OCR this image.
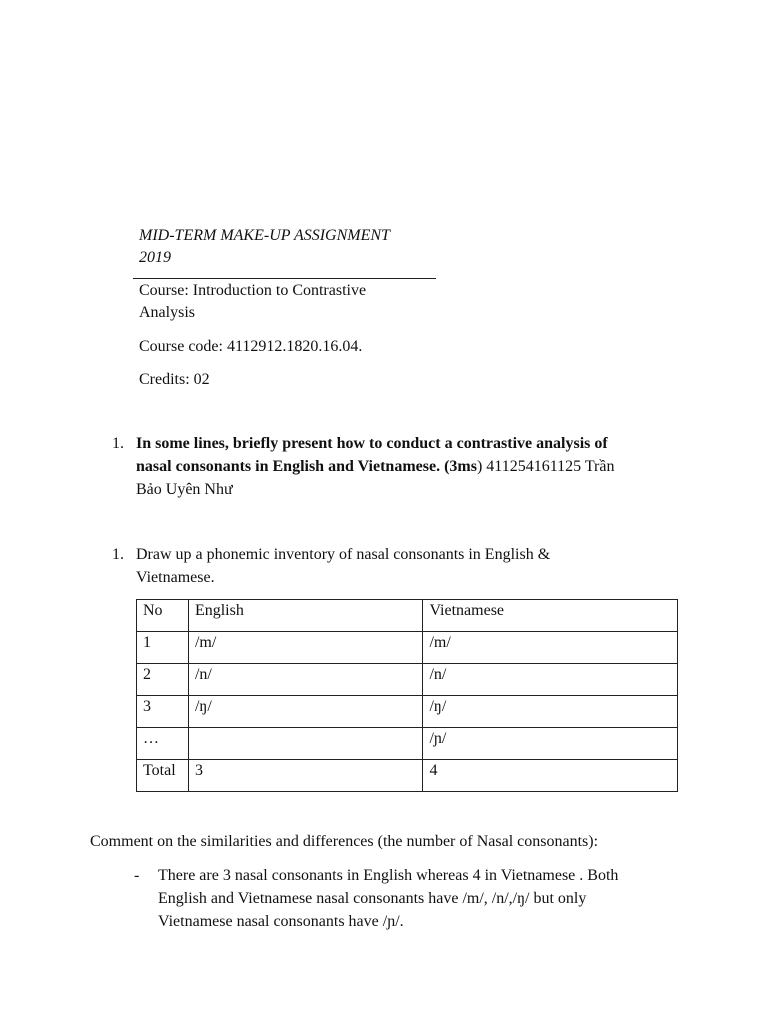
MID-TERM MAKE-UP ASSIGNMENT

2019

Course: Introduction to Contrastive
Analysis

Course code: 4112912.1820.16.04.

Credits: 02

1. In some lines, briefly present how to conduct a contrastive analysis of
nasal consonants in English and Vietnamese. (3ms) 411254161125 Trần
Bảo Uyên Như
1. Draw up a phonemic inventory of nasal consonants in English &
Vietnamese.
No	English	Vietnamese
1	/m/	/m/
2	/n/	/n/
3	/ŋ/	/ŋ/
…		/ɲ/
Total	3	4

Comment on the similarities and differences (the number of Nasal consonants):

- There are 3 nasal consonants in English whereas 4 in Vietnamese . Both
English and Vietnamese nasal consonants have /m/, /n/,/ŋ/ but only
Vietnamese nasal consonants have /ɲ/.
